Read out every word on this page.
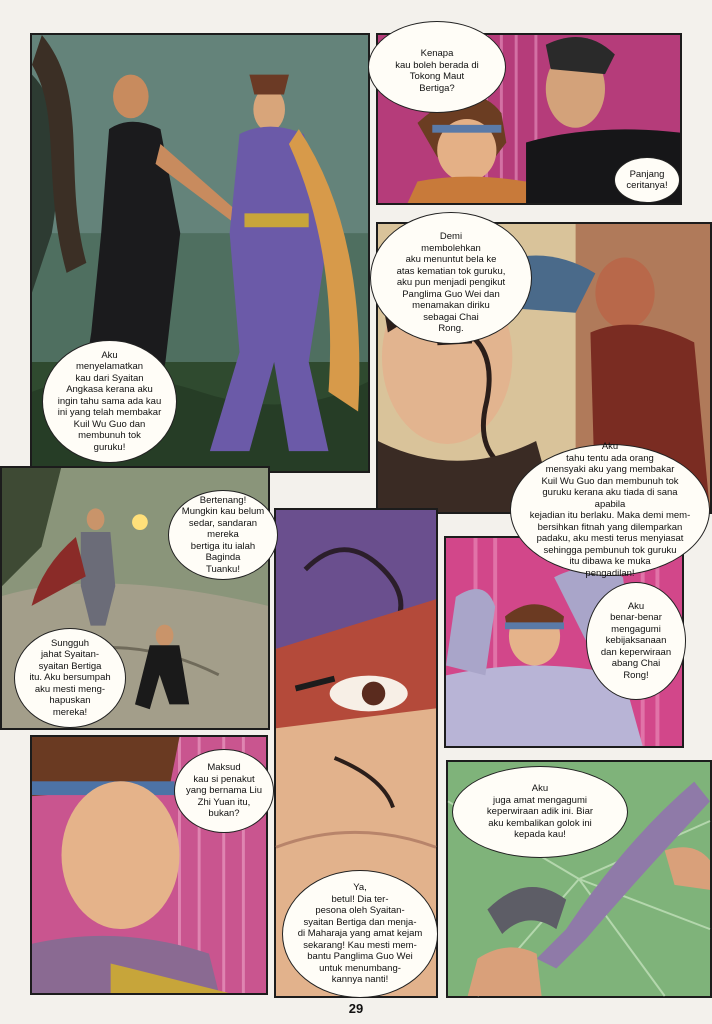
Aku
menyelamatkan
kau dari Syaitan
Angkasa kerana aku
ingin tahu sama ada kau
ini yang telah membakar
Kuil Wu Guo dan
membunuh tok
guruku!

Kenapa
kau boleh berada di
Tokong Maut
Bertiga?

Panjang
ceritanya!

Demi
membolehkan
aku menuntut bela ke
atas kematian tok guruku,
aku pun menjadi pengikut
Panglima Guo Wei dan
menamakan diriku
sebagai Chai
Rong.

Aku
tahu tentu ada orang
mensyaki aku yang membakar
Kuil Wu Guo dan membunuh tok
guruku kerana aku tiada di sana apabila
kejadian itu berlaku. Maka demi mem-
bersihkan fitnah yang dilemparkan
padaku, aku mesti terus menyiasat
sehingga pembunuh tok guruku
itu dibawa ke muka
pengadilan!

Bertenang!
Mungkin kau belum
sedar, sandaran mereka
bertiga itu ialah
Baginda
Tuanku!

Sungguh
jahat Syaitan-
syaitan Bertiga
itu. Aku bersumpah
aku mesti meng-
hapuskan
mereka!

Aku
benar-benar
mengagumi
kebijaksanaan
dan keperwiraan
abang Chai
Rong!

Maksud
kau si penakut
yang bernama Liu
Zhi Yuan itu,
bukan?

Ya,
betul! Dia ter-
pesona oleh Syaitan-
syaitan Bertiga dan menja-
di Maharaja yang amat kejam
sekarang! Kau mesti mem-
bantu Panglima Guo Wei
untuk menumbang-
kannya nanti!

Aku
juga amat mengagumi
keperwiraan adik ini. Biar
aku kembalikan golok ini
kepada kau!

29
